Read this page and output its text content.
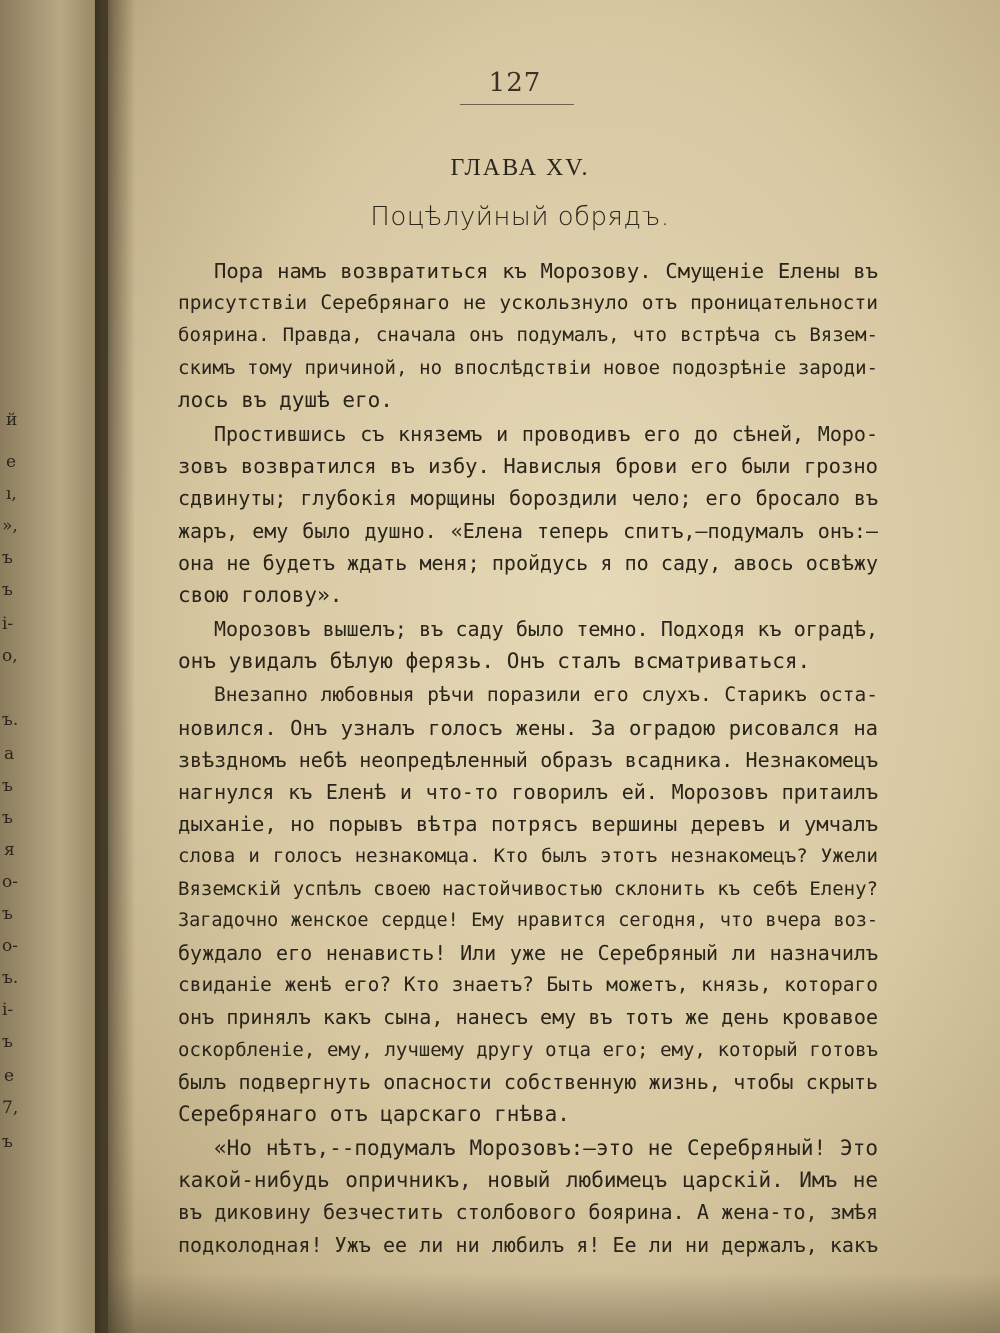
й
е
ı,
»,
ъ
ъ
і-
о,
ъ.
а
ъ
ъ
я
о-
ъ
о-
ъ.
і-
ъ
е
7,
ъ
127
ГЛАВА XV.
Поцѣлуйный обрядъ.
Пора намъ возвратиться къ Морозову. Смущеніе Елены въ
присутствіи Серебрянаго не ускользнуло отъ проницательности
боярина. Правда, сначала онъ подумалъ, что встрѣча съ Вязем-
скимъ тому причиной, но впослѣдствіи новое подозрѣніе зароди-
лось въ душѣ его.
Простившись съ княземъ и проводивъ его до сѣней, Моро-
зовъ возвратился въ избу. Навислыя брови его были грозно
сдвинуты; глубокія морщины бороздили чело; его бросало въ
жаръ, ему было душно. «Елена теперь спитъ,—подумалъ онъ:—
она не будетъ ждать меня; пройдусь я по саду, авось освѣжу
свою голову».
Морозовъ вышелъ; въ саду было темно. Подходя къ оградѣ,
онъ увидалъ бѣлую ферязь. Онъ сталъ всматриваться.
Внезапно любовныя рѣчи поразили его слухъ. Старикъ оста-
новился. Онъ узналъ голосъ жены. За оградою рисовался на
звѣздномъ небѣ неопредѣленный образъ всадника. Незнакомецъ
нагнулся къ Еленѣ и что-то говорилъ ей. Морозовъ притаилъ
дыханіе, но порывъ вѣтра потрясъ вершины деревъ и умчалъ
слова и голосъ незнакомца. Кто былъ этотъ незнакомецъ? Ужели
Вяземскій успѣлъ своею настойчивостью склонить къ себѣ Елену?
Загадочно женское сердце! Ему нравится сегодня, что вчера воз-
буждало его ненависть! Или уже не Серебряный ли назначилъ
свиданіе женѣ его? Кто знаетъ? Быть можетъ, князь, котораго
онъ принялъ какъ сына, нанесъ ему въ тотъ же день кровавое
оскорбленіе, ему, лучшему другу отца его; ему, который готовъ
былъ подвергнуть опасности собственную жизнь, чтобы скрыть
Серебрянаго отъ царскаго гнѣва.
«Но нѣтъ,--подумалъ Морозовъ:—это не Серебряный! Это
какой-нибудь опричникъ, новый любимецъ царскій. Имъ не
въ диковину безчестить столбового боярина. А жена-то, змѣя
подколодная! Ужъ ее ли ни любилъ я! Ее ли ни держалъ, какъ
